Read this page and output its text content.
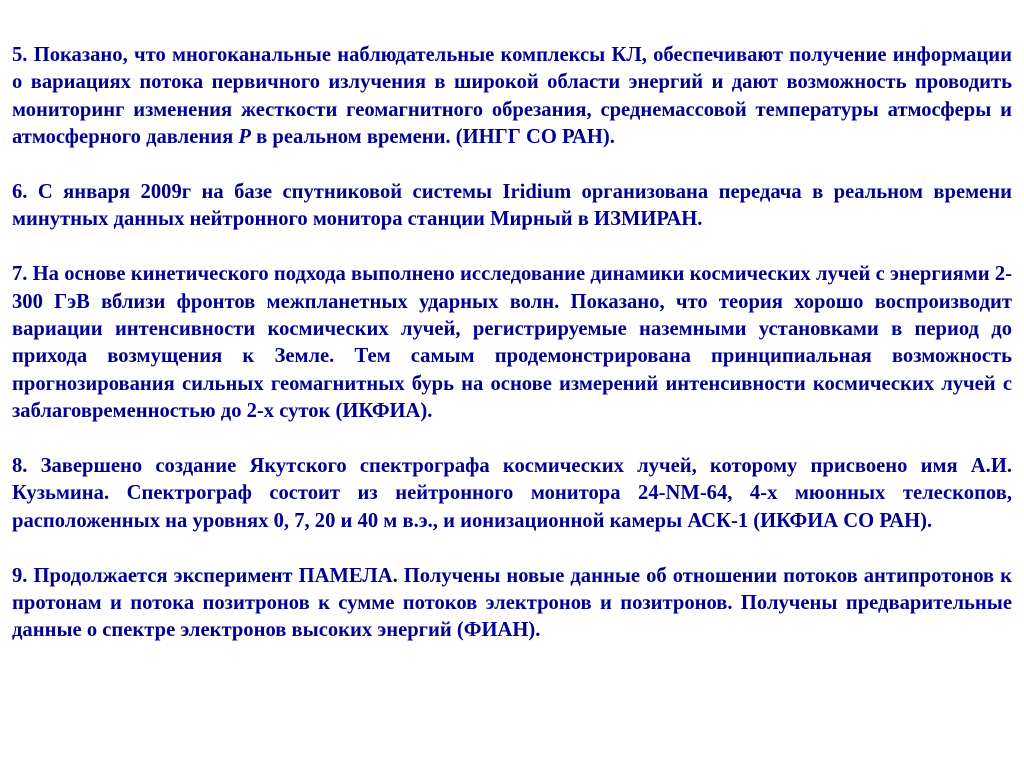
5. Показано, что многоканальные наблюдательные комплексы КЛ, обеспечивают получение информации о вариациях потока первичного излучения в широкой области энергий и дают возможность проводить мониторинг изменения жесткости геомагнитного обрезания, среднемассовой температуры атмосферы и атмосферного давления P в реальном времени. (ИНГГ СО РАН).

6. С января 2009г на базе спутниковой системы Iridium организована передача в реальном времени минутных данных нейтронного монитора станции Мирный в ИЗМИРАН.

7. На основе кинетического подхода выполнено исследование динамики космических лучей с энергиями 2-300 ГэВ вблизи фронтов межпланетных ударных волн. Показано, что теория хорошо воспроизводит вариации интенсивности космических лучей, регистрируемые наземными установками в период до прихода возмущения к Земле. Тем самым продемонстрирована принципиальная возможность прогнозирования сильных геомагнитных бурь на основе измерений интенсивности космических лучей с заблаговременностью до 2-х суток (ИКФИА).

8. Завершено создание Якутского спектрографа космических лучей, которому присвоено имя А.И. Кузьмина. Спектрограф состоит из нейтронного монитора 24-NM-64, 4-х мюонных телескопов, расположенных на уровнях 0, 7, 20 и 40 м в.э., и ионизационной камеры АСК-1 (ИКФИА СО РАН).

9. Продолжается эксперимент ПАМЕЛА. Получены новые данные об отношении потоков антипротонов к протонам и потока позитронов к сумме потоков электронов и позитронов. Получены предварительные данные о спектре электронов высоких энергий (ФИАН).
